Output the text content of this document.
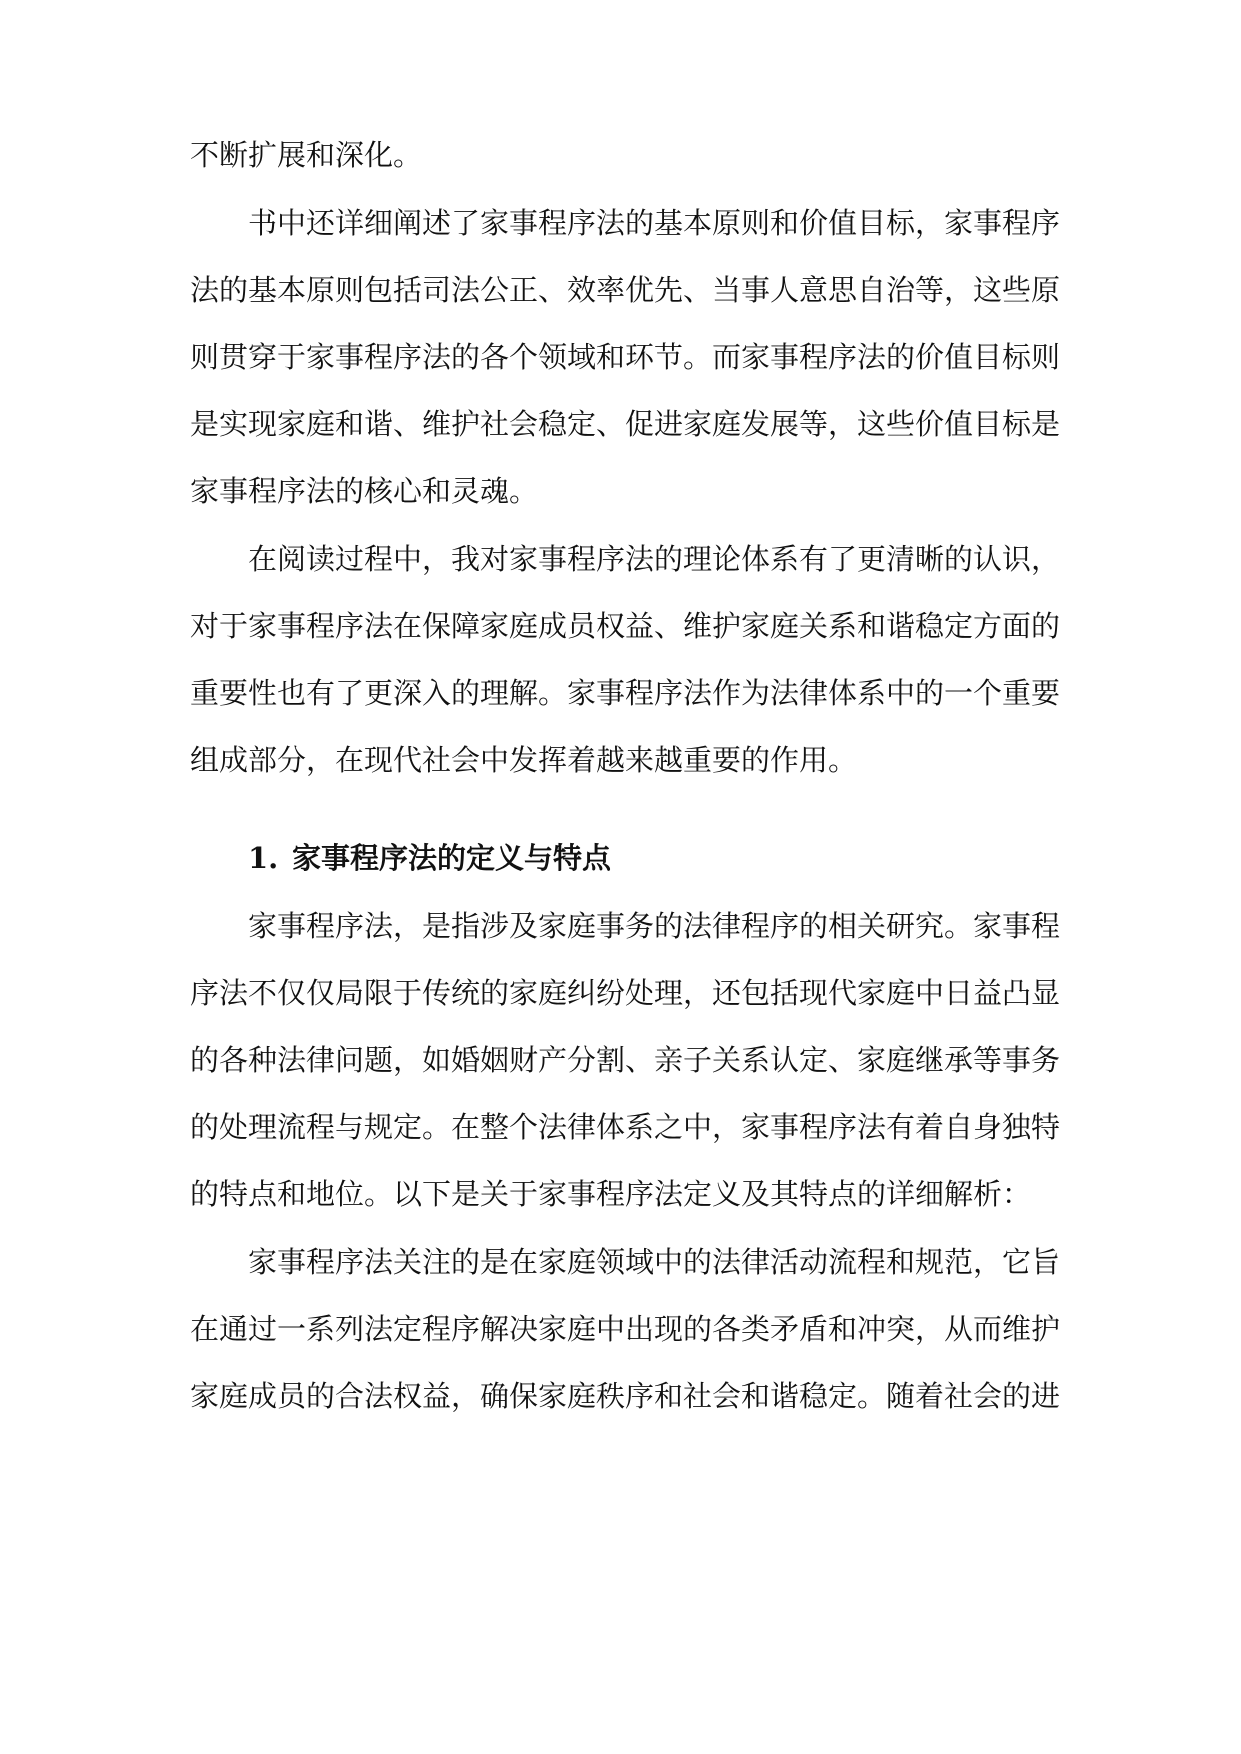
不断扩展和深化。
书中还详细阐述了家事程序法的基本原则和价值目标，家事程序
法的基本原则包括司法公正、效率优先、当事人意思自治等，这些原
则贯穿于家事程序法的各个领域和环节。而家事程序法的价值目标则
是实现家庭和谐、维护社会稳定、促进家庭发展等，这些价值目标是
家事程序法的核心和灵魂。
在阅读过程中，我对家事程序法的理论体系有了更清晰的认识，
对于家事程序法在保障家庭成员权益、维护家庭关系和谐稳定方面的
重要性也有了更深入的理解。家事程序法作为法律体系中的一个重要
组成部分，在现代社会中发挥着越来越重要的作用。
1. 家事程序法的定义与特点
家事程序法，是指涉及家庭事务的法律程序的相关研究。家事程
序法不仅仅局限于传统的家庭纠纷处理，还包括现代家庭中日益凸显
的各种法律问题，如婚姻财产分割、亲子关系认定、家庭继承等事务
的处理流程与规定。在整个法律体系之中，家事程序法有着自身独特
的特点和地位。以下是关于家事程序法定义及其特点的详细解析：
家事程序法关注的是在家庭领域中的法律活动流程和规范，它旨
在通过一系列法定程序解决家庭中出现的各类矛盾和冲突，从而维护
家庭成员的合法权益，确保家庭秩序和社会和谐稳定。随着社会的进
